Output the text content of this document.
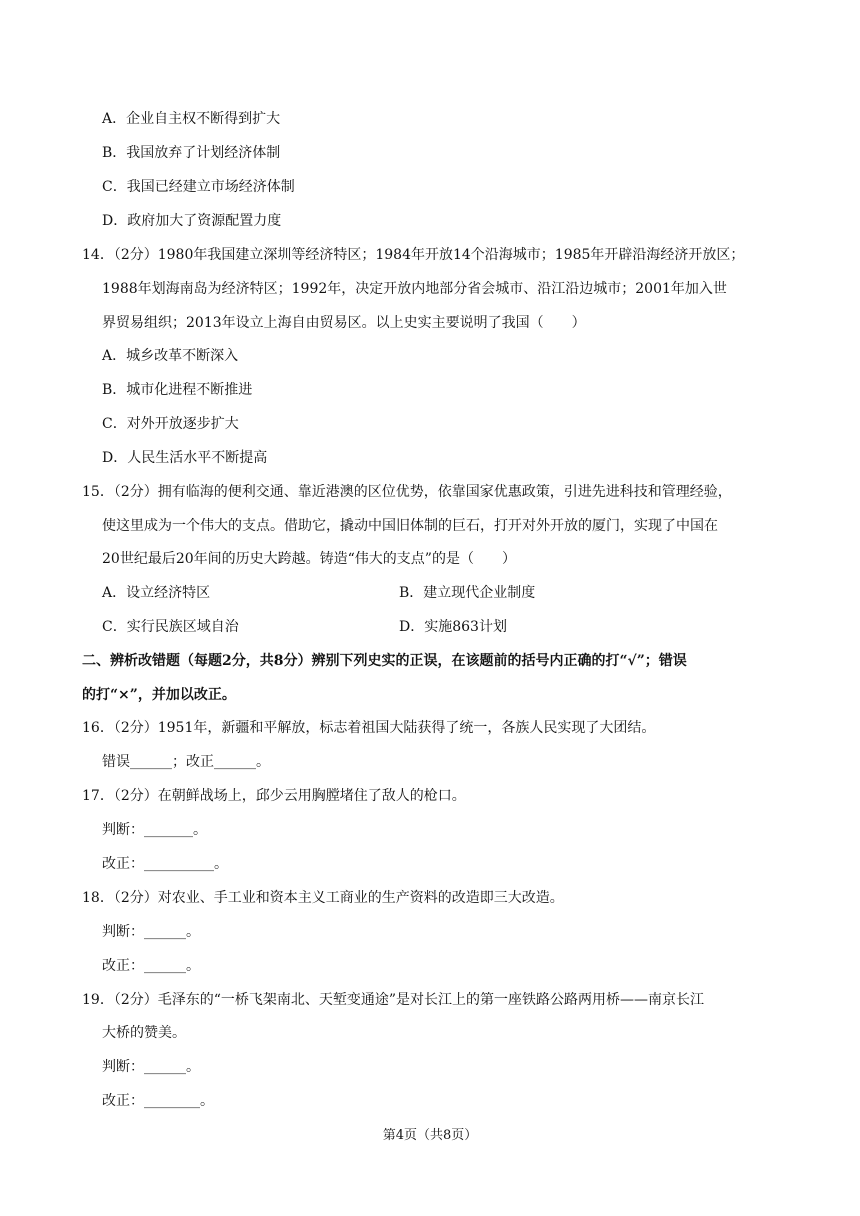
A．企业自主权不断得到扩大
B．我国放弃了计划经济体制
C．我国已经建立市场经济体制
D．政府加大了资源配置力度
14．（2分）1980年我国建立深圳等经济特区；1984年开放14个沿海城市；1985年开辟沿海经济开放区；
1988年划海南岛为经济特区；1992年，决定开放内地部分省会城市、沿江沿边城市；2001年加入世
界贸易组织；2013年设立上海自由贸易区。以上史实主要说明了我国（　　）
A．城乡改革不断深入
B．城市化进程不断推进
C．对外开放逐步扩大
D．人民生活水平不断提高
15．（2分）拥有临海的便利交通、靠近港澳的区位优势，依靠国家优惠政策，引进先进科技和管理经验，
使这里成为一个伟大的支点。借助它，撬动中国旧体制的巨石，打开对外开放的厦门，实现了中国在
20世纪最后20年间的历史大跨越。铸造“伟大的支点”的是（　　）
A．设立经济特区	B．建立现代企业制度
C．实行民族区域自治	D．实施863计划
二、辨析改错题（每题2分，共8分）辨别下列史实的正误，在该题前的括号内正确的打“√”；错误
的打“×”，并加以改正。
16．（2分）1951年，新疆和平解放，标志着祖国大陆获得了统一，各族人民实现了大团结。
错误______；改正______。
17．（2分）在朝鲜战场上，邱少云用胸膛堵住了敌人的枪口。
判断：_______。
改正：__________。
18．（2分）对农业、手工业和资本主义工商业的生产资料的改造即三大改造。
判断：______。
改正：______。
19．（2分）毛泽东的“一桥飞架南北、天堑变通途”是对长江上的第一座铁路公路两用桥——南京长江
大桥的赞美。
判断：______。
改正：________。
第4页（共8页）
